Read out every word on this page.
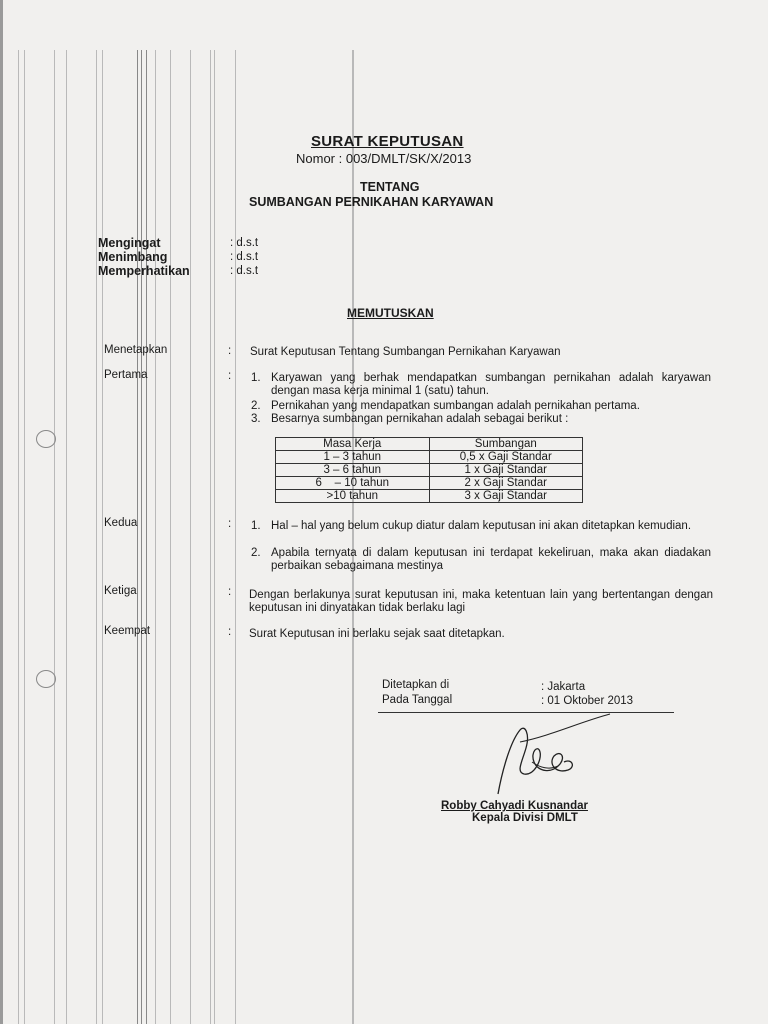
SURAT KEPUTUSAN
Nomor : 003/DMLT/SK/X/2013
TENTANG
SUMBANGAN PERNIKAHAN KARYAWAN
Mengingat	: d.s.t
Menimbang	: d.s.t
Memperhatikan	: d.s.t
MEMUTUSKAN
Menetapkan	: Surat Keputusan Tentang Sumbangan Pernikahan Karyawan
Pertama	: 1. Karyawan yang berhak mendapatkan sumbangan pernikahan adalah karyawan dengan masa kerja minimal 1 (satu) tahun.
2. Pernikahan yang mendapatkan sumbangan adalah pernikahan pertama.
3. Besarnya sumbangan pernikahan adalah sebagai berikut :
Masa Kerja	Sumbangan
1 – 3 tahun	0,5 x Gaji Standar
3 – 6 tahun	1 x Gaji Standar
6    – 10 tahun	2 x Gaji Standar
>10 tahun	3 x Gaji Standar
Kedua	: 1. Hal – hal yang belum cukup diatur dalam keputusan ini akan ditetapkan kemudian.
2. Apabila ternyata di dalam keputusan ini terdapat kekeliruan, maka akan diadakan perbaikan sebagaimana mestinya
Ketiga	: Dengan berlakunya surat keputusan ini, maka ketentuan lain yang bertentangan dengan keputusan ini dinyatakan tidak berlaku lagi
Keempat	: Surat Keputusan ini berlaku sejak saat ditetapkan.
Ditetapkan di	: Jakarta
Pada Tanggal	: 01 Oktober 2013
Robby Cahyadi Kusnandar
Kepala Divisi DMLT
